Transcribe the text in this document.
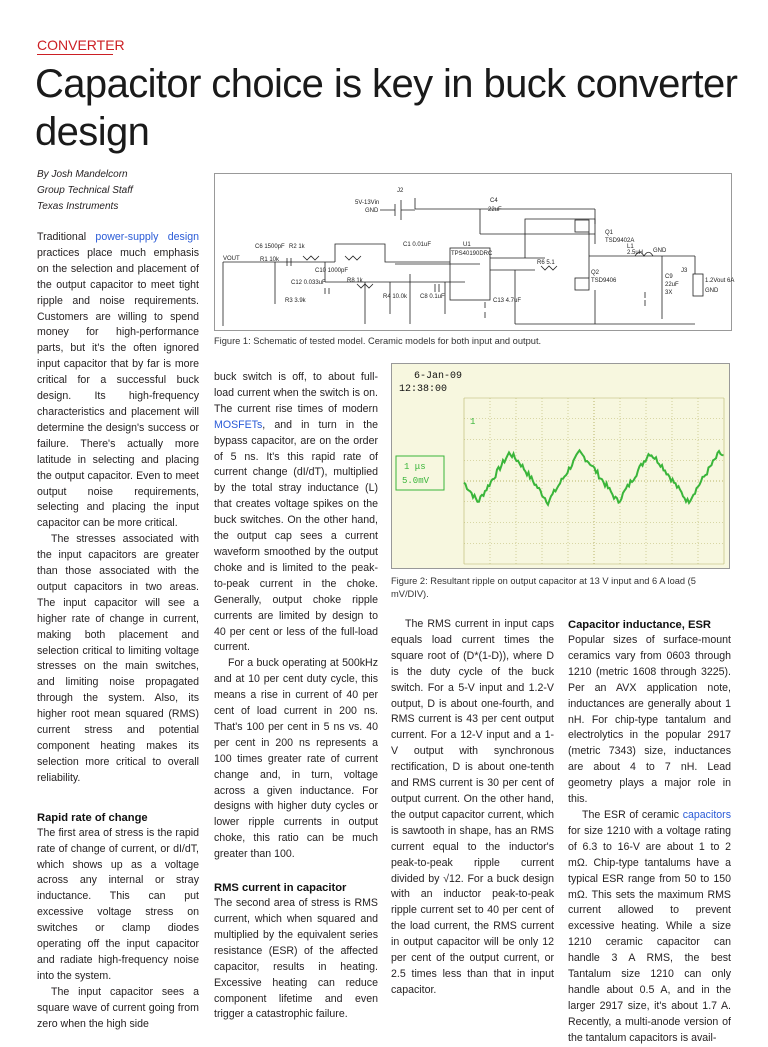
CONVERTER
Capacitor choice is key in buck converter design
By Josh Mandelcorn
Group Technical Staff
Texas Instruments

Traditional power-supply design practices place much emphasis on the selection and placement of the output capacitor to meet tight ripple and noise requirements. Customers are willing to spend money for high-performance parts, but it's the often ignored input capacitor that by far is more critical for a successful buck design. Its high-frequency characteristics and placement will determine the design's success or failure. There's actually more latitude in selecting and placing the output capacitor. Even to meet output noise requirements, selecting and placing the input capacitor can be more critical.

The stresses associated with the input capacitors are greater than those associated with the output capacitors in two areas. The input capacitor will see a higher rate of change in current, making both placement and selection critical to limiting voltage stresses on the main switches, and limiting noise propagated through the system. Also, its higher root mean squared (RMS) current stress and potential component heating makes its selection more critical to overall reliability.

Rapid rate of change

The first area of stress is the rapid rate of change of current, or dI/dT, which shows up as a voltage across any internal or stray inductance. This can put excessive voltage stress on switches or clamp diodes operating off the input capacitor and radiate high-frequency noise into the system.

The input capacitor sees a square wave of current going from zero when the high side

J2
5V-13Vin
GND
C4
22uF
C6 1500pF R2 1k
R1 10k
VOUT
C1 0.01uF
C10 1000pF
C12 0.033uF	R8 1k
U1
TPS40190DRC
R3 3.9k
R4 10.0k C8 0.1uF
C13 4.7uF
R6 5.1
Q1
TSD9402A
Q2
TSD9406
L1
2.5uH
C9
22uF
3X
J3
1.2Vout 6A
GND
GND
Figure 1: Schematic of tested model. Ceramic models for both input and output.

buck switch is off, to about full-load current when the switch is on. The current rise times of modern MOSFETs, and in turn in the bypass capacitor, are on the order of 5 ns. It's this rapid rate of current change (dI/dT), multiplied by the total stray inductance (L) that creates voltage spikes on the buck switches. On the other hand, the output cap sees a current waveform smoothed by the output choke and is limited to the peak-to-peak current in the choke. Generally, output choke ripple currents are limited by design to 40 per cent or less of the full-load current.

For a buck operating at 500kHz and at 10 per cent duty cycle, this means a rise in current of 40 per cent of load current in 200 ns. That's 100 per cent in 5 ns vs. 40 per cent in 200 ns represents a 100 times greater rate of current change and, in turn, voltage across a given inductance. For designs with higher duty cycles or lower ripple currents in output choke, this ratio can be much greater than 100.

RMS current in capacitor

The second area of stress is RMS current, which when squared and multiplied by the equivalent series resistance (ESR) of the affected capacitor, results in heating. Excessive heating can reduce component lifetime and even trigger a catastrophic failure.

6-Jan-09
12:38:00
1
1 μs
5.0mV
Figure 2: Resultant ripple on output capacitor at 13 V input and 6 A load (5 mV/DIV).

The RMS current in input caps equals load current times the square root of (D*(1-D)), where D is the duty cycle of the buck switch. For a 5-V input and 1.2-V output, D is about one-fourth, and RMS current is 43 per cent output current. For a 12-V input and a 1-V output with synchronous rectification, D is about one-tenth and RMS current is 30 per cent of output current. On the other hand, the output capacitor current, which is sawtooth in shape, has an RMS current equal to the inductor's peak-to-peak ripple current divided by √12. For a buck design with an inductor peak-to-peak ripple current set to 40 per cent of the load current, the RMS current in output capacitor will be only 12 per cent of the output current, or 2.5 times less than that in input capacitor.

Capacitor inductance, ESR

Popular sizes of surface-mount ceramics vary from 0603 through 1210 (metric 1608 through 3225). Per an AVX application note, inductances are generally about 1 nH. For chip-type tantalum and electrolytics in the popular 2917 (metric 7343) size, inductances are about 4 to 7 nH. Lead geometry plays a major role in this.

The ESR of ceramic capacitors for size 1210 with a voltage rating of 6.3 to 16-V are about 1 to 2 mΩ. Chip-type tantalums have a typical ESR range from 50 to 150 mΩ. This sets the maximum RMS current allowed to prevent excessive heating. While a size 1210 ceramic capacitor can handle 3 A RMS, the best Tantalum size 1210 can only handle about 0.5 A, and in the larger 2917 size, it's about 1.7 A. Recently, a multi-anode version of the tantalum capacitors is avail-
